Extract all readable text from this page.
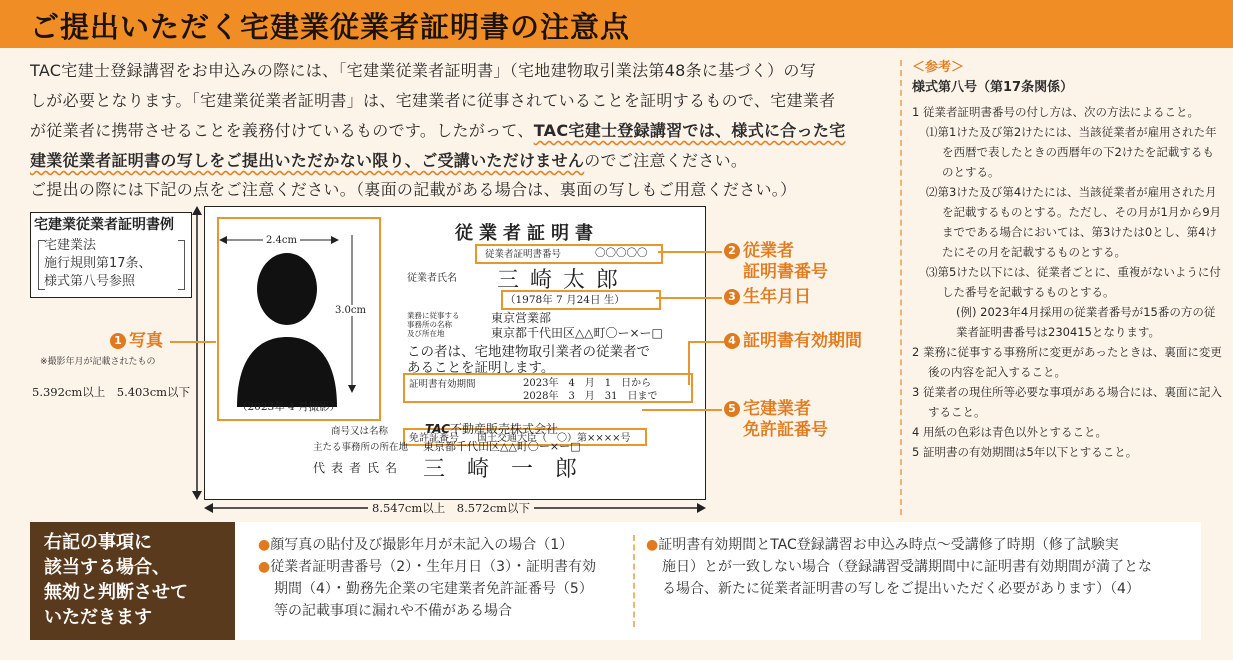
ご提出いただく宅建業従業者証明書の注意点
TAC宅建士登録講習をお申込みの際には、「宅建業従業者証明書」（宅地建物取引業法第48条に基づく）の写
しが必要となります。「宅建業従業者証明書」は、宅建業者に従事されていることを証明するもので、宅建業者
が従業者に携帯させることを義務付けているものです。したがって、TAC宅建士登録講習では、様式に合った宅
建業従業者証明書の写しをご提出いただかない限り、ご受講いただけませんのでご注意ください。
ご提出の際には下記の点をご注意ください。（裏面の記載がある場合は、裏面の写しもご用意ください。）
宅建業従業者証明書例
宅建業法
施行規則第17条、
様式第八号参照
5.392cm以上　5.403cm以下
8.547cm以上　8.572cm以下
2.4cm
3.0cm
（2023年 4 月撮影）
従業者証明書
従業者証明書番号	〇〇〇〇〇
従業者氏名 三 崎 太 郎
（1978年 7 月24日 生）
業務に従事する
事務所の名称
及び所在地
東京営業部
東京都千代田区△△町〇ー×ー□
この者は、宅地建物取引業者の従業者で
あることを証明します。
証明書有効期間	2023年　4　月　1　日から
2028年　3　月　31　日まで
免許証番号 国土交通大臣（　〇）第××××号
商号又は名称	TAC不動産販売株式会社
主たる事務所の所在地 東京都千代田区△△町〇ー×ー□
代表者氏名 三　崎　一　郎
1 写真
※撮影年月が記載されたもの
2 従業者
証明書番号
3 生年月日
4 証明書有効期間
5 宅建業者
免許証番号
＜参考＞
様式第八号（第17条関係）
1 従業者証明書番号の付し方は、次の方法によること。
⑴第1けた及び第2けたには、当該従業者が雇用された年を西暦で表したときの西暦年の下2けたを記載するものとする。
⑵第3けた及び第4けたには、当該従業者が雇用された月を記載するものとする。ただし、その月が1月から9月までである場合においては、第3けたは0とし、第4けたにその月を記載するものとする。
⑶第5けた以下には、従業者ごとに、重複がないように付した番号を記載するものとする。
(例) 2023年4月採用の従業者番号が15番の方の従業者証明書番号は230415となります。
2 業務に従事する事務所に変更があったときは、裏面に変更後の内容を記入すること。
3 従業者の現住所等必要な事項がある場合には、裏面に記入すること。
4 用紙の色彩は青色以外とすること。
5 証明書の有効期間は5年以下とすること。
右記の事項に
該当する場合、
無効と判断させて
いただきます
●顔写真の貼付及び撮影年月が未記入の場合（1）
●従業者証明書番号（2）・生年月日（3）・証明書有効
期間（4）・勤務先企業の宅建業者免許証番号（5）
等の記載事項に漏れや不備がある場合
●証明書有効期間とTAC登録講習お申込み時点～受講修了時期（修了試験実
施日）とが一致しない場合（登録講習受講期間中に証明書有効期間が満了とな
る場合、新たに従業者証明書の写しをご提出いただく必要があります）（4）
